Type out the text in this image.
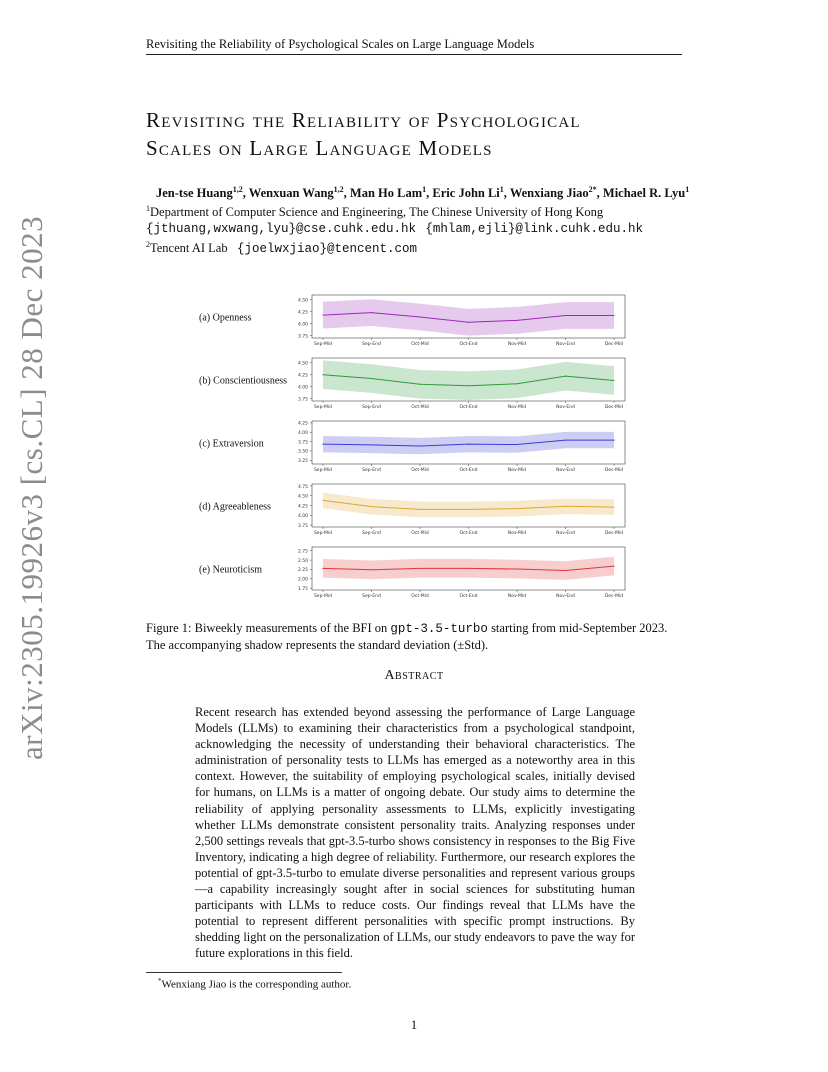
Revisiting the Reliability of Psychological Scales on Large Language Models
Revisiting the Reliability of Psychological
Scales on Large Language Models
Jen-tse Huang$^{1,2}$, Wenxuan Wang$^{1,2}$, Man Ho Lam$^1$, Eric John Li$^1$, Wenxiang Jiao$^{2*}$, Michael R. Lyu$^1$
$^1$Department of Computer Science and Engineering, The Chinese University of Hong Kong
{jthuang,wxwang,lyu}@cse.cuhk.edu.hk {mhlam,ejli}@link.cuhk.edu.hk
$^2$Tencent AI Lab {joelwxjiao}@tencent.com
arXiv:2305.19926v3 [cs.CL] 28 Dec 2023	3.75
4.00
4.25
4.50
Sep-Mid	Sep-End	Oct-Mid	Oct-End	Nov-Mid	Nov-End	Dec-Mid
(a) Openness
3.75
4.00
4.25
4.50
Sep-Mid	Sep-End	Oct-Mid	Oct-End	Nov-Mid	Nov-End	Dec-Mid
(b) Conscientiousness
3.25
3.50
3.75
4.00
4.25
Sep-Mid	Sep-End	Oct-Mid	Oct-End	Nov-Mid	Nov-End	Dec-Mid
(c) Extraversion
3.75
4.00
4.25
4.50
4.75
Sep-Mid	Sep-End	Oct-Mid	Oct-End	Nov-Mid	Nov-End	Dec-Mid
(d) Agreeableness
1.75
2.00
2.25
2.50
2.75
Sep-Mid	Sep-End	Oct-Mid	Oct-End	Nov-Mid	Nov-End	Dec-Mid
(e) Neuroticism
Figure 1: Biweekly measurements of the BFI on gpt-3.5-turbo starting from mid-September 2023. The accompanying shadow represents the standard deviation (±Std).
Abstract

Recent research has extended beyond assessing the performance of Large Language Models (LLMs) to examining their characteristics from a psychological standpoint, acknowledging the necessity of understanding their behavioral characteristics. The administration of personality tests to LLMs has emerged as a noteworthy area in this context. However, the suitability of employing psychological scales, initially devised for humans, on LLMs is a matter of ongoing debate. Our study aims to determine the reliability of applying personality assessments to LLMs, explicitly investigating whether LLMs demonstrate consistent personality traits. Analyzing responses under 2,500 settings reveals that gpt-3.5-turbo shows consistency in responses to the Big Five Inventory, indicating a high degree of reliability. Furthermore, our research explores the potential of gpt-3.5-turbo to emulate diverse personalities and represent various groups—a capability increasingly sought after in social sciences for substituting human participants with LLMs to reduce costs. Our findings reveal that LLMs have the potential to represent different personalities with specific prompt instructions. By shedding light on the personalization of LLMs, our study endeavors to pave the way for future explorations in this field.

*Wenxiang Jiao is the corresponding author.
1
